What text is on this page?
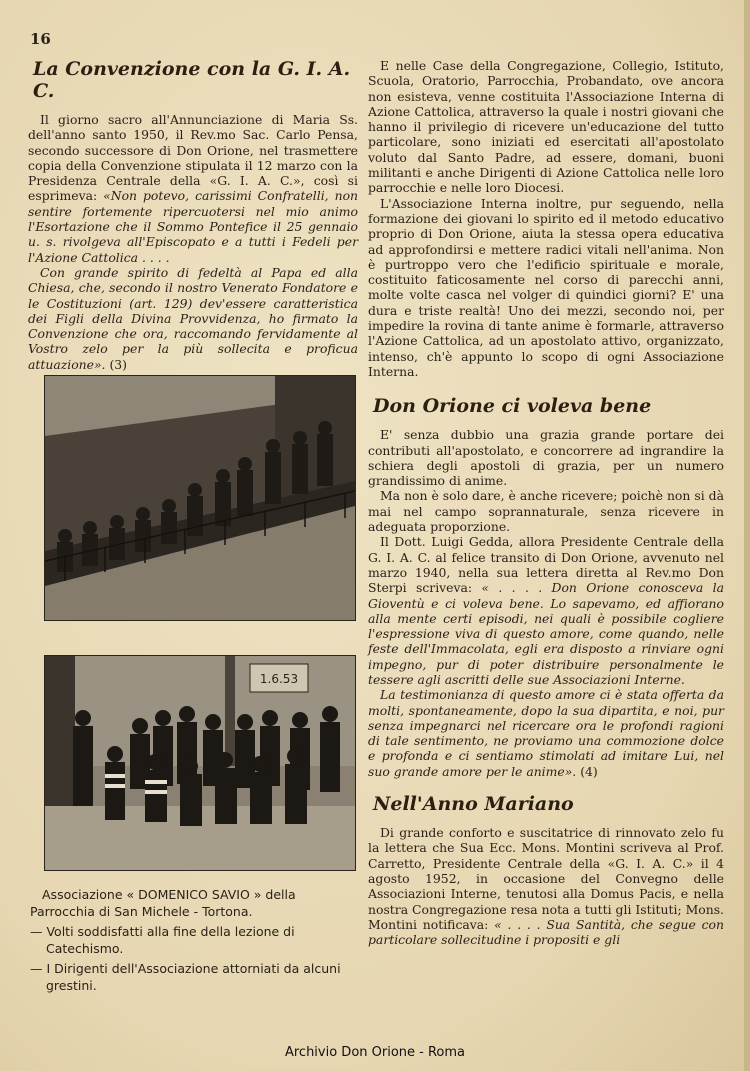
16
La Convenzione con la G. I. A. C.

Il giorno sacro all'Annunciazione di Maria Ss. dell'anno santo 1950, il Rev.mo Sac. Carlo Pensa, secondo successore di Don Orione, nel trasmettere copia della Convenzione stipulata il 12 marzo con la Presidenza Centrale della «G. I. A. C.», così si esprimeva: «Non potevo, carissimi Confratelli, non sentire fortemente ripercuotersi nel mio animo l'Esortazione che il Sommo Pontefice il 25 gennaio u. s. rivolgeva all'Episcopato e a tutti i Fedeli per l'Azione Cattolica . . . .

Con grande spirito di fedeltà al Papa ed alla Chiesa, che, secondo il nostro Venerato Fondatore e le Costituzioni (art. 129) dev'essere caratteristica dei Figli della Divina Provvidenza, ho firmato la Convenzione che ora, raccomando fervidamente al Vostro zelo per la più sollecita e proficua attuazione». (3)

1.6.53
Associazione « DOMENICO SAVIO » della Parrocchia di San Michele - Tortona.
— Volti soddisfatti alla fine della lezione di Catechismo.
— I Dirigenti dell'Associazione attorniati da alcuni grestini.

E nelle Case della Congregazione, Collegio, Istituto, Scuola, Oratorio, Parrocchia, Probandato, ove ancora non esisteva, venne costituita l'Associazione Interna di Azione Cattolica, attraverso la quale i nostri giovani che hanno il privilegio di ricevere un'educazione del tutto particolare, sono iniziati ed esercitati all'apostolato voluto dal Santo Padre, ad essere, domani, buoni militanti e anche Dirigenti di Azione Cattolica nelle loro parrocchie e nelle loro Diocesi.

L'Associazione Interna inoltre, pur seguendo, nella formazione dei giovani lo spirito ed il metodo educativo proprio di Don Orione, aiuta la stessa opera educativa ad approfondirsi e mettere radici vitali nell'anima. Non è purtroppo vero che l'edificio spirituale e morale, costituito faticosamente nel corso di parecchi anni, molte volte casca nel volger di quindici giorni? E' una dura e triste realtà! Uno dei mezzi, secondo noi, per impedire la rovina di tante anime è formarle, attraverso l'Azione Cattolica, ad un apostolato attivo, organizzato, intenso, ch'è appunto lo scopo di ogni Associazione Interna.

Don Orione ci voleva bene

E' senza dubbio una grazia grande portare dei contributi all'apostolato, e concorrere ad ingrandire la schiera degli apostoli di grazia, per un numero grandissimo di anime.

Ma non è solo dare, è anche ricevere; poichè non si dà mai nel campo soprannaturale, senza ricevere in adeguata proporzione.

Il Dott. Luigi Gedda, allora Presidente Centrale della G. I. A. C. al felice transito di Don Orione, avvenuto nel marzo 1940, nella sua lettera diretta al Rev.mo Don Sterpi scriveva: « . . . . Don Orione conosceva la Gioventù e ci voleva bene. Lo sapevamo, ed affiorano alla mente certi episodi, nei quali è possibile cogliere l'espressione viva di questo amore, come quando, nelle feste dell'Immacolata, egli era disposto a rinviare ogni impegno, pur di poter distribuire personalmente le tessere agli ascritti delle sue Associazioni Interne.

La testimonianza di questo amore ci è stata offerta da molti, spontaneamente, dopo la sua dipartita, e noi, pur senza impegnarci nel ricercare ora le profondi ragioni di tale sentimento, ne proviamo una commozione dolce e profonda e ci sentiamo stimolati ad imitare Lui, nel suo grande amore per le anime». (4)

Nell'Anno Mariano

Di grande conforto e suscitatrice di rinnovato zelo fu la lettera che Sua Ecc. Mons. Montini scriveva al Prof. Carretto, Presidente Centrale della «G. I. A. C.» il 4 agosto 1952, in occasione del Convegno delle Associazioni Interne, tenutosi alla Domus Pacis, e nella nostra Congregazione resa nota a tutti gli Istituti; Mons. Montini notificava: « . . . . Sua Santità, che segue con particolare sollecitudine i propositi e gli

Archivio Don Orione - Roma
